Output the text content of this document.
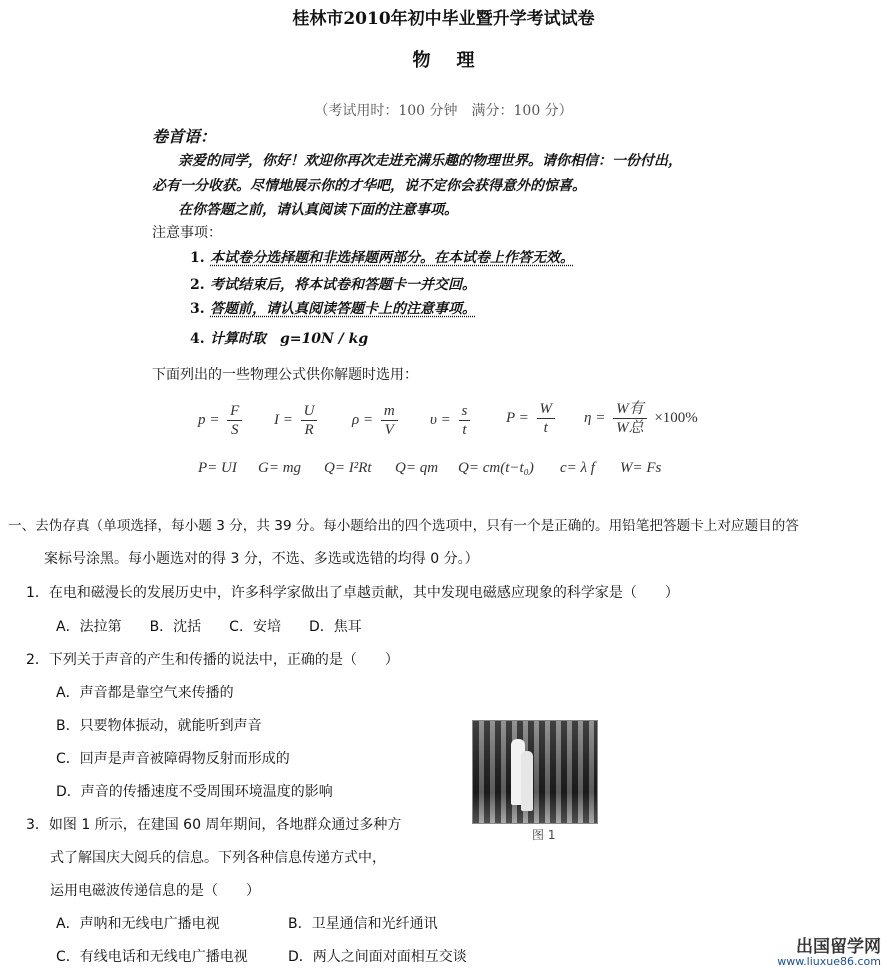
桂林市2010年初中毕业暨升学考试试卷
物理
（考试用时：100 分钟　满分：100 分）
卷首语：
亲爱的同学，你好！欢迎你再次走进充满乐趣的物理世界。请你相信：一份付出，
必有一分收获。尽情地展示你的才华吧，说不定你会获得意外的惊喜。
在你答题之前，请认真阅读下面的注意事项。
注意事项：
1. 本试卷分选择题和非选择题两部分。在本试卷上作答无效。
2. 考试结束后，将本试卷和答题卡一并交回。
3. 答题前，请认真阅读答题卡上的注意事项。
4. 计算时取　g=10N / kg
下面列出的一些物理公式供你解题时选用：
$p = \frac{F}{S}$ $I = \frac{U}{R}$ $\rho = \frac{m}{V}$ $\upsilon = \frac{s}{t}$ $P = \frac{W}{t}$ $\eta = \frac{\text{W有}}{\text{W总}} \times 100\%$
P= UI G= mg Q= I²Rt Q= qm Q= cm(t−t₀) c= λ f W= Fs
一、去伪存真（单项选择，每小题 3 分，共 39 分。每小题给出的四个选项中，只有一个是正确的。用铅笔把答题卡上对应题目的答
案标号涂黑。每小题选对的得 3 分，不选、多选或选错的均得 0 分。）
1．在电和磁漫长的发展历史中，许多科学家做出了卓越贡献，其中发现电磁感应现象的科学家是（　　）
A．法拉第　　B．沈括　　C．安培　　D．焦耳
2．下列关于声音的产生和传播的说法中，正确的是（　　）
A．声音都是靠空气来传播的
B．只要物体振动，就能听到声音
C．回声是声音被障碍物反射而形成的
D．声音的传播速度不受周围环境温度的影响
3．如图 1 所示，在建国 60 周年期间，各地群众通过多种方
式了解国庆大阅兵的信息。下列各种信息传递方式中，
运用电磁波传递信息的是（　　）
A．声呐和无线电广播电视	B．卫星通信和光纤通讯
C．有线电话和无线电广播电视	D．两人之间面对面相互交谈
图 1
出国留学网
www.liuxue86.com
